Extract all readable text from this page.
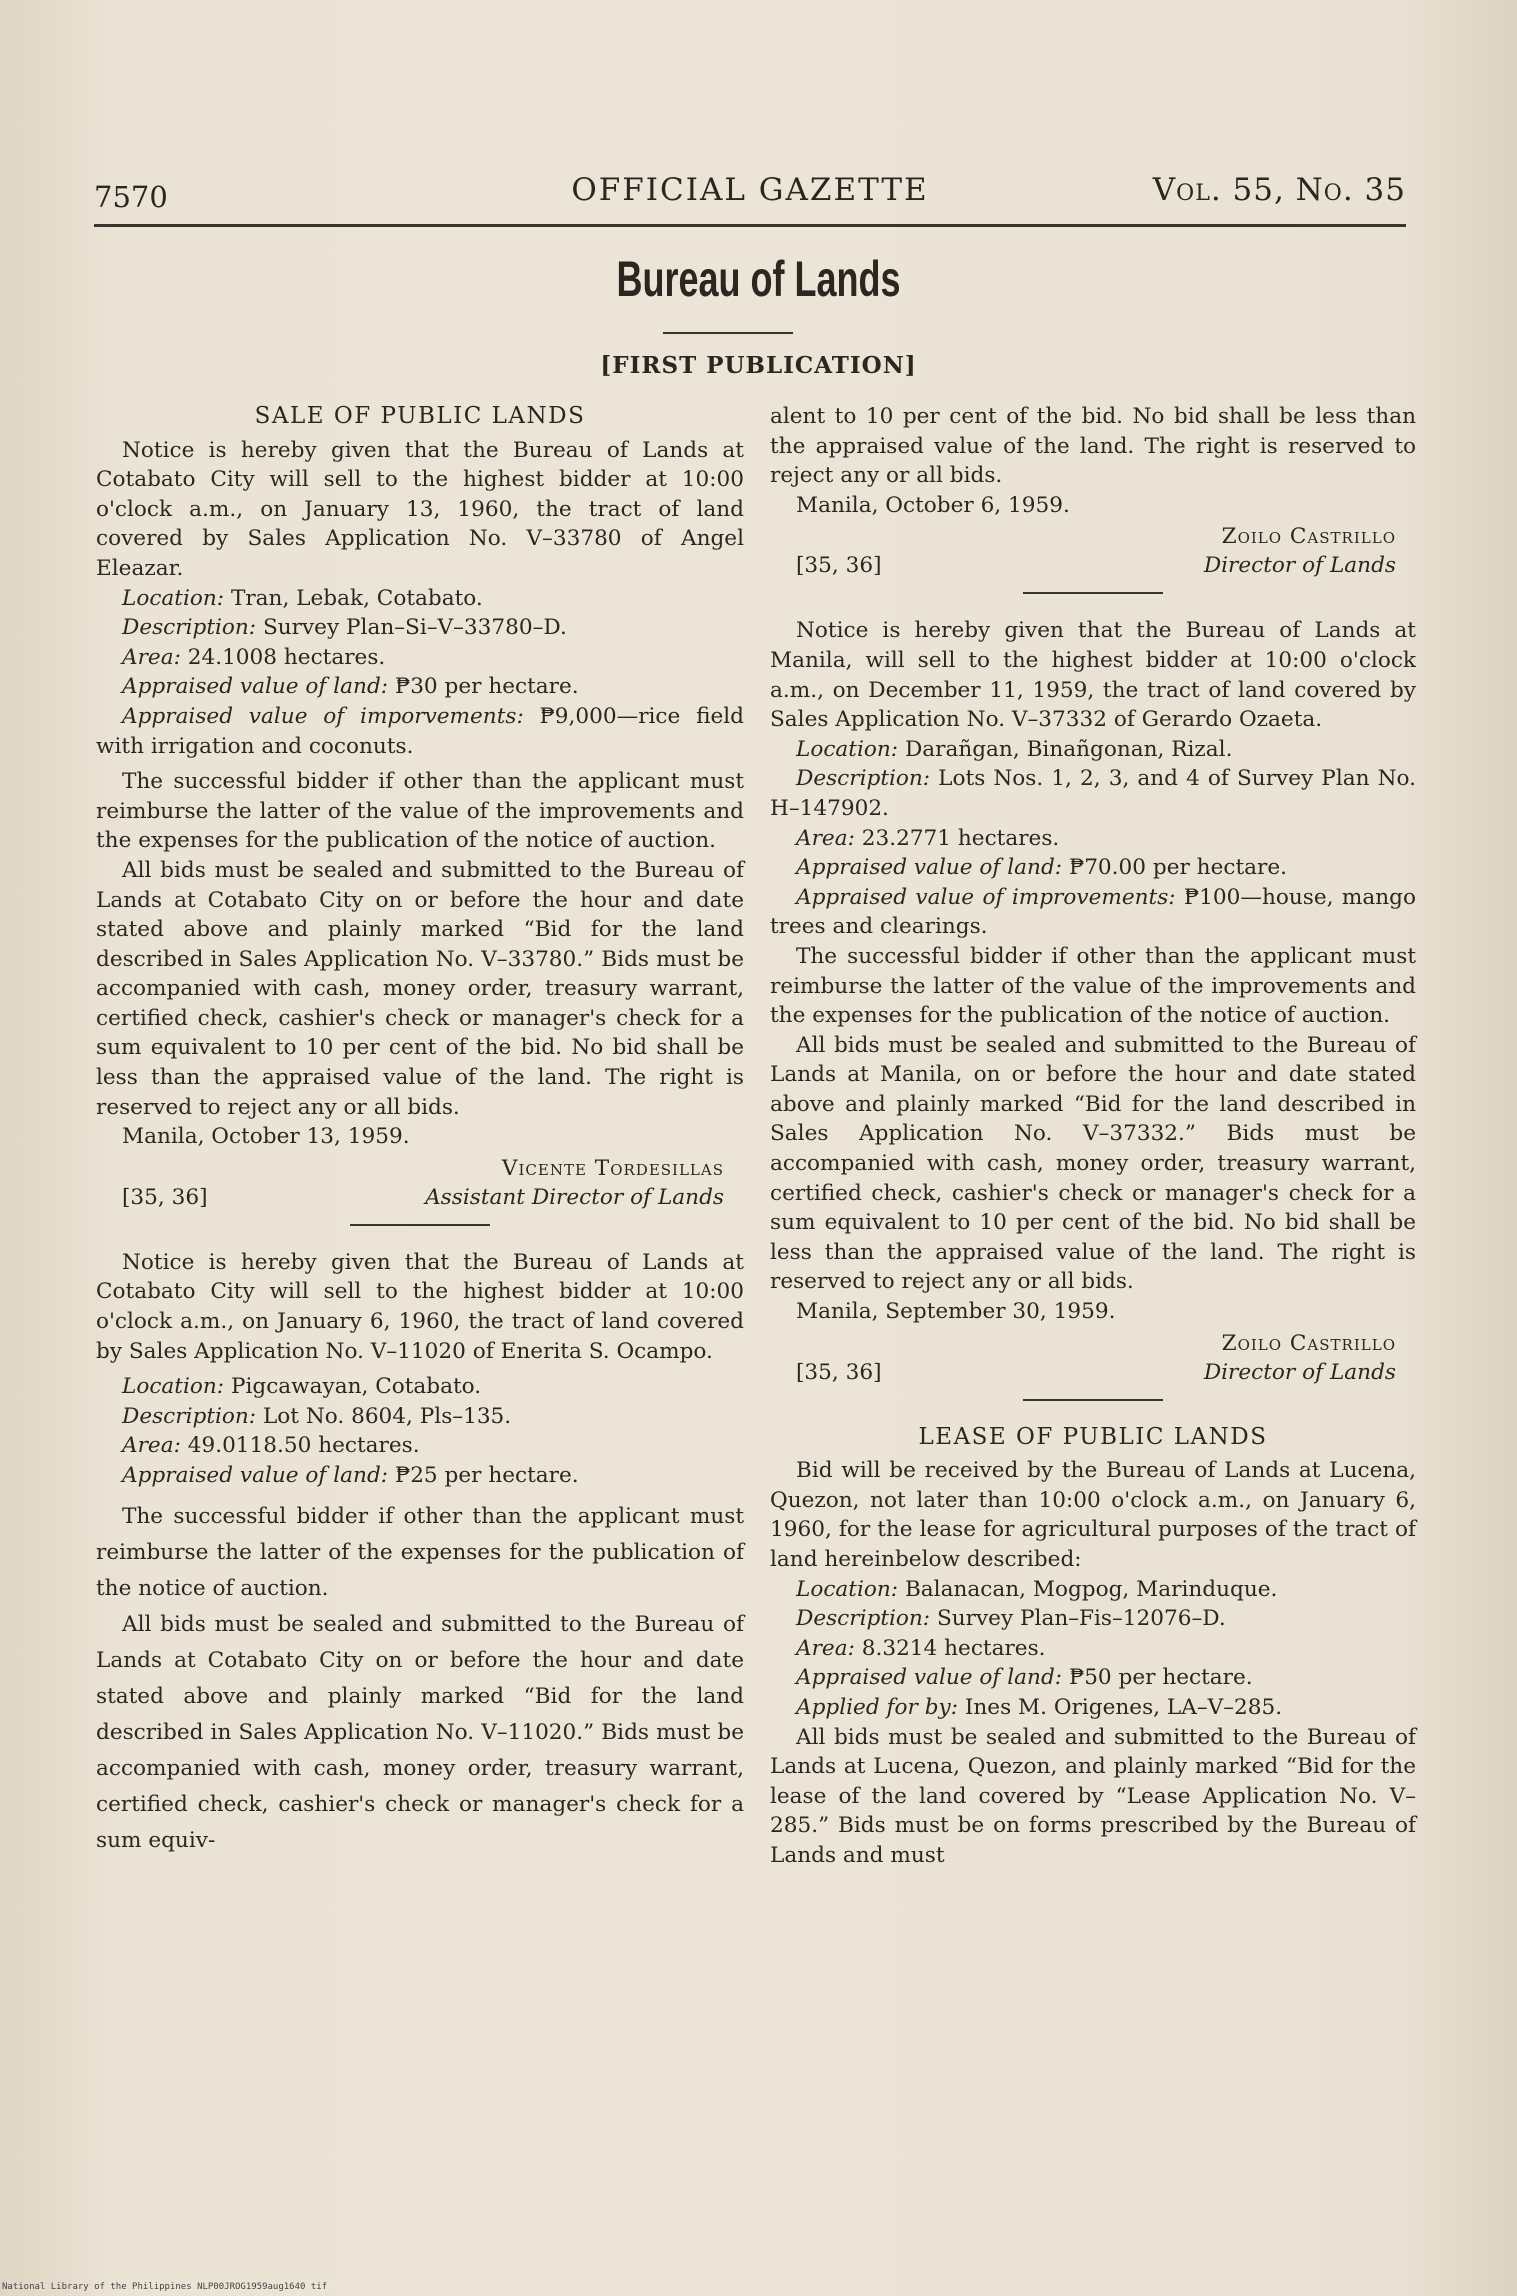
7570	OFFICIAL GAZETTE	Vol. 55, No. 35
Bureau of Lands
[FIRST PUBLICATION]

SALE OF PUBLIC LANDS

Notice is hereby given that the Bureau of Lands at Cotabato City will sell to the highest bidder at 10:00 o'clock a.m., on January 13, 1960, the tract of land covered by Sales Application No. V–33780 of Angel Eleazar.

Location: Tran, Lebak, Cotabato.

Description: Survey Plan–Si–V–33780–D.

Area: 24.1008 hectares.

Appraised value of land: ₱30 per hectare.

Appraised value of imporvements: ₱9,000—rice field with irrigation and coconuts.

The successful bidder if other than the applicant must reimburse the latter of the value of the improvements and the expenses for the publication of the notice of auction.

All bids must be sealed and submitted to the Bureau of Lands at Cotabato City on or before the hour and date stated above and plainly marked “Bid for the land described in Sales Application No. V–33780.” Bids must be accompanied with cash, money order, treasury warrant, certified check, cashier's check or manager's check for a sum equivalent to 10 per cent of the bid. No bid shall be less than the appraised value of the land. The right is reserved to reject any or all bids.

Manila, October 13, 1959.

Vicente Tordesillas
[35, 36]	Assistant Director of Lands

Notice is hereby given that the Bureau of Lands at Cotabato City will sell to the highest bidder at 10:00 o'clock a.m., on January 6, 1960, the tract of land covered by Sales Application No. V–11020 of Enerita S. Ocampo.

Location: Pigcawayan, Cotabato.

Description: Lot No. 8604, Pls–135.

Area: 49.0118.50 hectares.

Appraised value of land: ₱25 per hectare.

The successful bidder if other than the applicant must reimburse the latter of the expenses for the publication of the notice of auction.

All bids must be sealed and submitted to the Bureau of Lands at Cotabato City on or before the hour and date stated above and plainly marked “Bid for the land described in Sales Application No. V–11020.” Bids must be accompanied with cash, money order, treasury warrant, certified check, cashier's check or manager's check for a sum equiv-

alent to 10 per cent of the bid. No bid shall be less than the appraised value of the land. The right is reserved to reject any or all bids.

Manila, October 6, 1959.

Zoilo Castrillo
[35, 36]	Director of Lands

Notice is hereby given that the Bureau of Lands at Manila, will sell to the highest bidder at 10:00 o'clock a.m., on December 11, 1959, the tract of land covered by Sales Application No. V–37332 of Gerardo Ozaeta.

Location: Darañgan, Binañgonan, Rizal.

Description: Lots Nos. 1, 2, 3, and 4 of Survey Plan No. H–147902.

Area: 23.2771 hectares.

Appraised value of land: ₱70.00 per hectare.

Appraised value of improvements: ₱100—house, mango trees and clearings.

The successful bidder if other than the applicant must reimburse the latter of the value of the improvements and the expenses for the publication of the notice of auction.

All bids must be sealed and submitted to the Bureau of Lands at Manila, on or before the hour and date stated above and plainly marked “Bid for the land described in Sales Application No. V–37332.” Bids must be accompanied with cash, money order, treasury warrant, certified check, cashier's check or manager's check for a sum equivalent to 10 per cent of the bid. No bid shall be less than the appraised value of the land. The right is reserved to reject any or all bids.

Manila, September 30, 1959.

Zoilo Castrillo
[35, 36]	Director of Lands

LEASE OF PUBLIC LANDS

Bid will be received by the Bureau of Lands at Lucena, Quezon, not later than 10:00 o'clock a.m., on January 6, 1960, for the lease for agricultural purposes of the tract of land hereinbelow described:

Location: Balanacan, Mogpog, Marinduque.

Description: Survey Plan–Fis–12076–D.

Area: 8.3214 hectares.

Appraised value of land: ₱50 per hectare.

Applied for by: Ines M. Origenes, LA–V–285.

All bids must be sealed and submitted to the Bureau of Lands at Lucena, Quezon, and plainly marked “Bid for the lease of the land covered by “Lease Application No. V–285.” Bids must be on forms prescribed by the Bureau of Lands and must

National Library of the Philippines NLP00JROG1959aug1640 tif
